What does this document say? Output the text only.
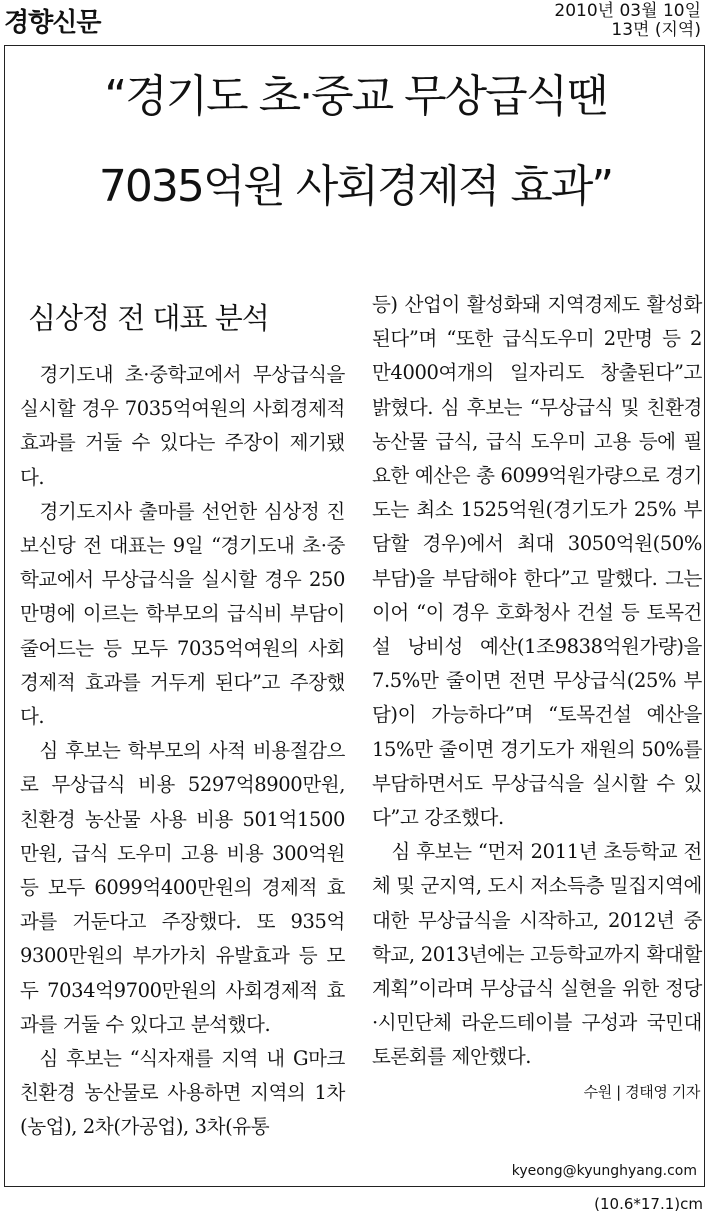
경향신문	2010년 03월 10일
13면 (지역)
“경기도 초·중교 무상급식땐
7035억원 사회경제적 효과”
심상정 전 대표 분석

경기도내 초·중학교에서 무상급식을 실시할 경우 7035억여원의 사회경제적 효과를 거둘 수 있다는 주장이 제기됐다.

경기도지사 출마를 선언한 심상정 진보신당 전 대표는 9일 “경기도내 초·중학교에서 무상급식을 실시할 경우 250만명에 이르는 학부모의 급식비 부담이 줄어드는 등 모두 7035억여원의 사회경제적 효과를 거두게 된다”고 주장했다.

심 후보는 학부모의 사적 비용절감으로 무상급식 비용 5297억8900만원, 친환경 농산물 사용 비용 501억1500만원, 급식 도우미 고용 비용 300억원 등 모두 6099억400만원의 경제적 효과를 거둔다고 주장했다. 또 935억9300만원의 부가가치 유발효과 등 모두 7034억9700만원의 사회경제적 효과를 거둘 수 있다고 분석했다.

심 후보는 “식자재를 지역 내 G마크 친환경 농산물로 사용하면 지역의 1차(농업), 2차(가공업), 3차(유통

등) 산업이 활성화돼 지역경제도 활성화된다”며 “또한 급식도우미 2만명 등 2만4000여개의 일자리도 창출된다”고 밝혔다. 심 후보는 “무상급식 및 친환경 농산물 급식, 급식 도우미 고용 등에 필요한 예산은 총 6099억원가량으로 경기도는 최소 1525억원(경기도가 25% 부담할 경우)에서 최대 3050억원(50% 부담)을 부담해야 한다”고 말했다. 그는 이어 “이 경우 호화청사 건설 등 토목건설 낭비성 예산(1조9838억원가량)을 7.5%만 줄이면 전면 무상급식(25% 부담)이 가능하다”며 “토목건설 예산을 15%만 줄이면 경기도가 재원의 50%를 부담하면서도 무상급식을 실시할 수 있다”고 강조했다.

심 후보는 “먼저 2011년 초등학교 전체 및 군지역, 도시 저소득층 밀집지역에 대한 무상급식을 시작하고, 2012년 중학교, 2013년에는 고등학교까지 확대할 계획”이라며 무상급식 실현을 위한 정당·시민단체 라운드테이블 구성과 국민대토론회를 제안했다.

수원 | 경태영 기자
kyeong@kyunghyang.com
(10.6*17.1)cm
